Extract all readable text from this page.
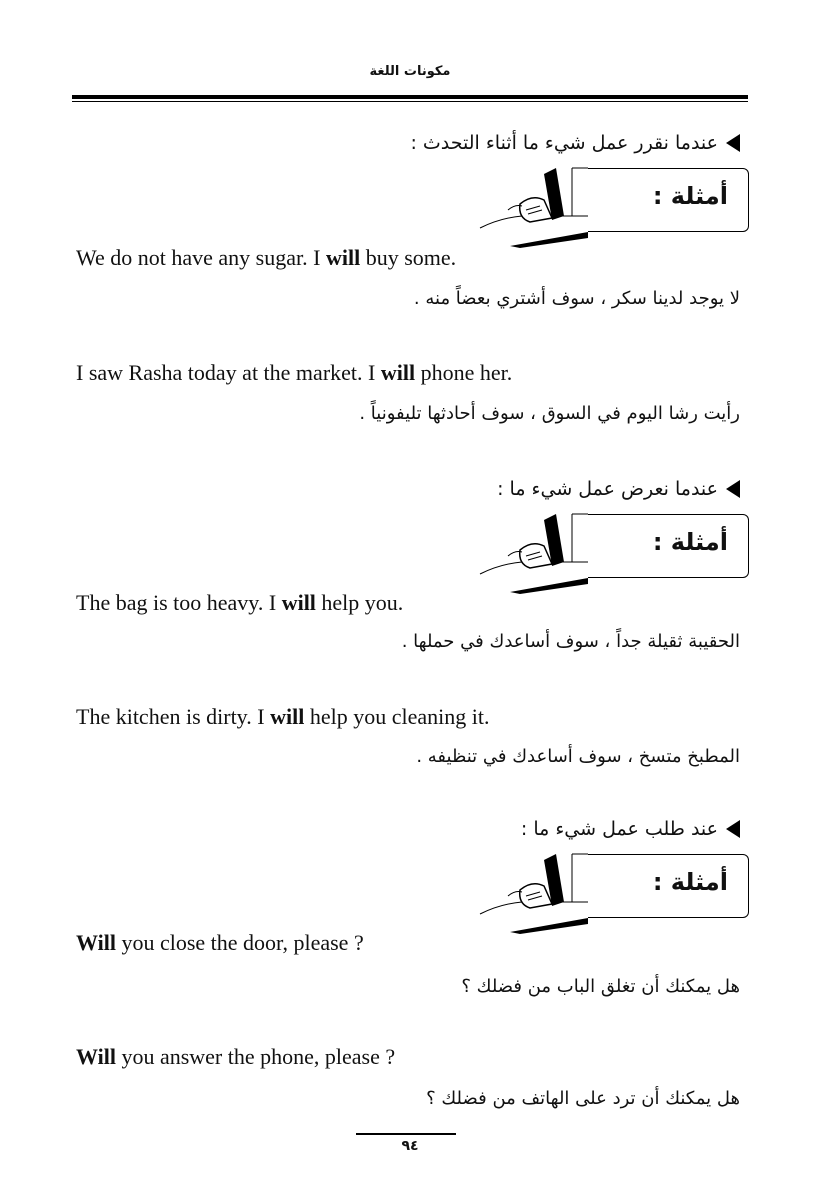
مكونات اللغة
عندما نقرر عمل شيء ما أثناء التحدث :
أمثلة :
We do not have any sugar. I will buy some.
لا يوجد لدينا سكر ، سوف أشتري بعضاً منه .
I saw Rasha today at the market. I will phone her.
رأيت رشا اليوم في السوق ، سوف أحادثها تليفونياً .
عندما نعرض عمل شيء ما :
أمثلة :
The bag is too heavy. I will help you.
الحقيبة ثقيلة جداً ، سوف أساعدك في حملها .
The kitchen is dirty. I will help you cleaning it.
المطبخ متسخ ، سوف أساعدك في تنظيفه .
عند طلب عمل شيء ما :
أمثلة :
Will you close the door, please ?
هل يمكنك أن تغلق الباب من فضلك ؟
Will you answer the phone, please ?
هل يمكنك أن ترد على الهاتف من فضلك ؟
٩٤
